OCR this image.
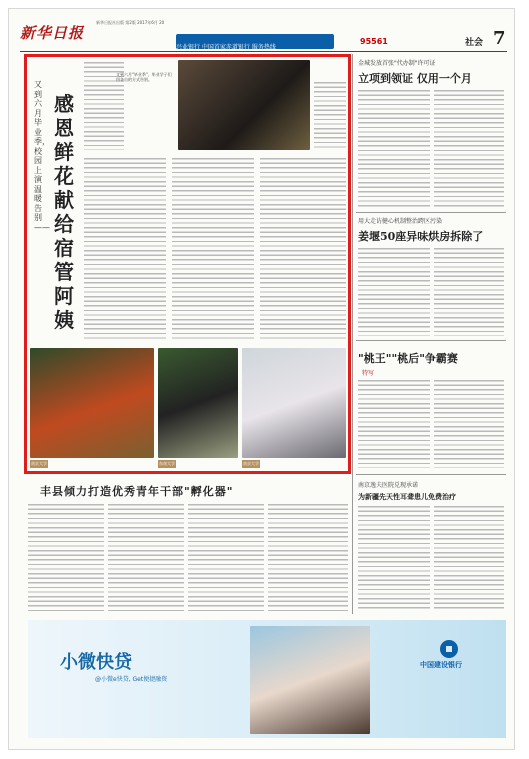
新华日报
新华日报社出版 第2版 2017年6月 20
兴业银行 中国首家赤道银行 服务热线
95561	社会 7
又到六月毕业季，校园上演温暖告别——
感恩鲜花献给宿管阿姨
又到六月"毕业季"，毕业学子们用各自的方式告别。
南京大学	东南大学	南京大学
金城发放首张"代办制"许可证
立项到领证 仅用一个月
用大走访健心机制整治跨区污染
姜堰50座异味烘房拆除了
"桃王""桃后"争霸赛
特写
南京逸夫医院兑现承诺
为新疆先天性耳聋患儿免费治疗
丰县倾力打造优秀青年干部"孵化器"
小微快贷
@小微e快贷, Get便捷融资
中国建设银行
